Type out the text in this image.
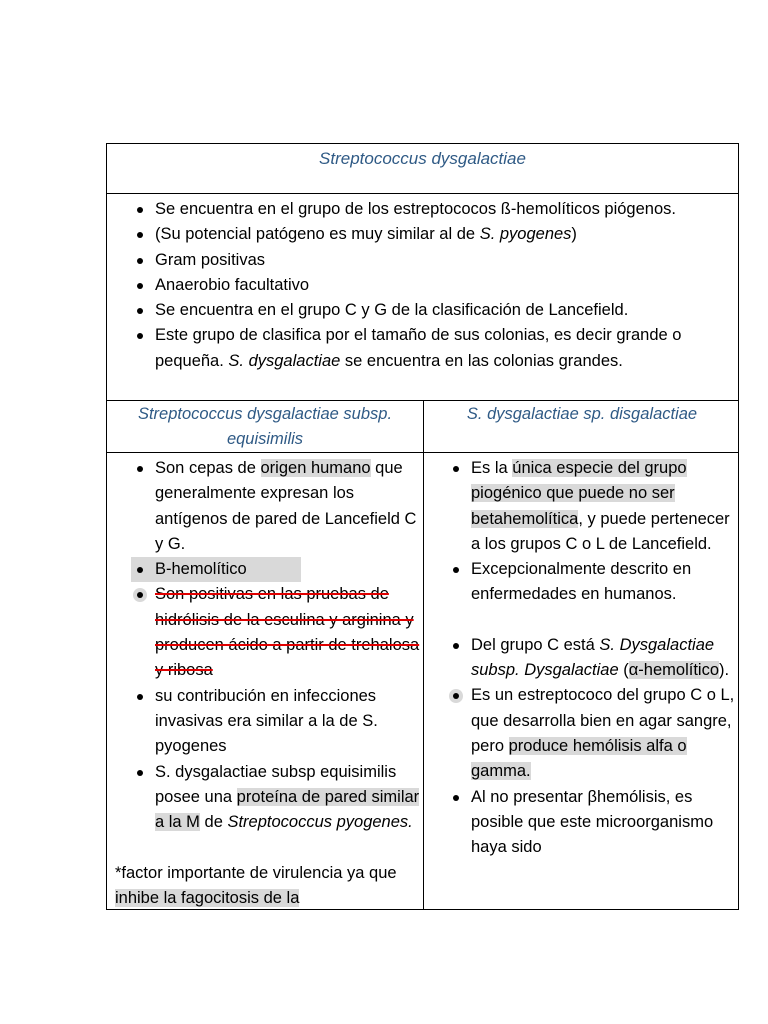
Streptococcus dysgalactiae
Se encuentra en el grupo de los estreptococos ß-hemolíticos piógenos.
(Su potencial patógeno es muy similar al de S. pyogenes)
Gram positivas
Anaerobio facultativo
Se encuentra en el grupo C y G de la clasificación de Lancefield.
Este grupo de clasifica por el tamaño de sus colonias, es decir grande o pequeña. S. dysgalactiae se encuentra en las colonias grandes.
Streptococcus dysgalactiae subsp. equisimilis
S. dysgalactiae sp. disgalactiae
Son cepas de origen humano que generalmente expresan los antígenos de pared de Lancefield C y G.
B-hemolítico
Son positivas en las pruebas de hidrólisis de la esculina y arginina y producen ácido a partir de trehalosa y ribosa
su contribución en infecciones invasivas era similar a la de S. pyogenes
S. dysgalactiae subsp equisimilis posee una proteína de pared similar a la M de Streptococcus pyogenes.
*factor importante de virulencia ya que inhibe la fagocitosis de la
Es la única especie del grupo piogénico que puede no ser betahemolítica, y puede pertenecer a los grupos C o L de Lancefield.
Excepcionalmente descrito en enfermedades en humanos.
Del grupo C está S. Dysgalactiae subsp. Dysgalactiae (α-hemolítico).
Es un estreptococo del grupo C o L, que desarrolla bien en agar sangre, pero produce hemólisis alfa o gamma.
Al no presentar βhemólisis, es posible que este microorganismo haya sido
